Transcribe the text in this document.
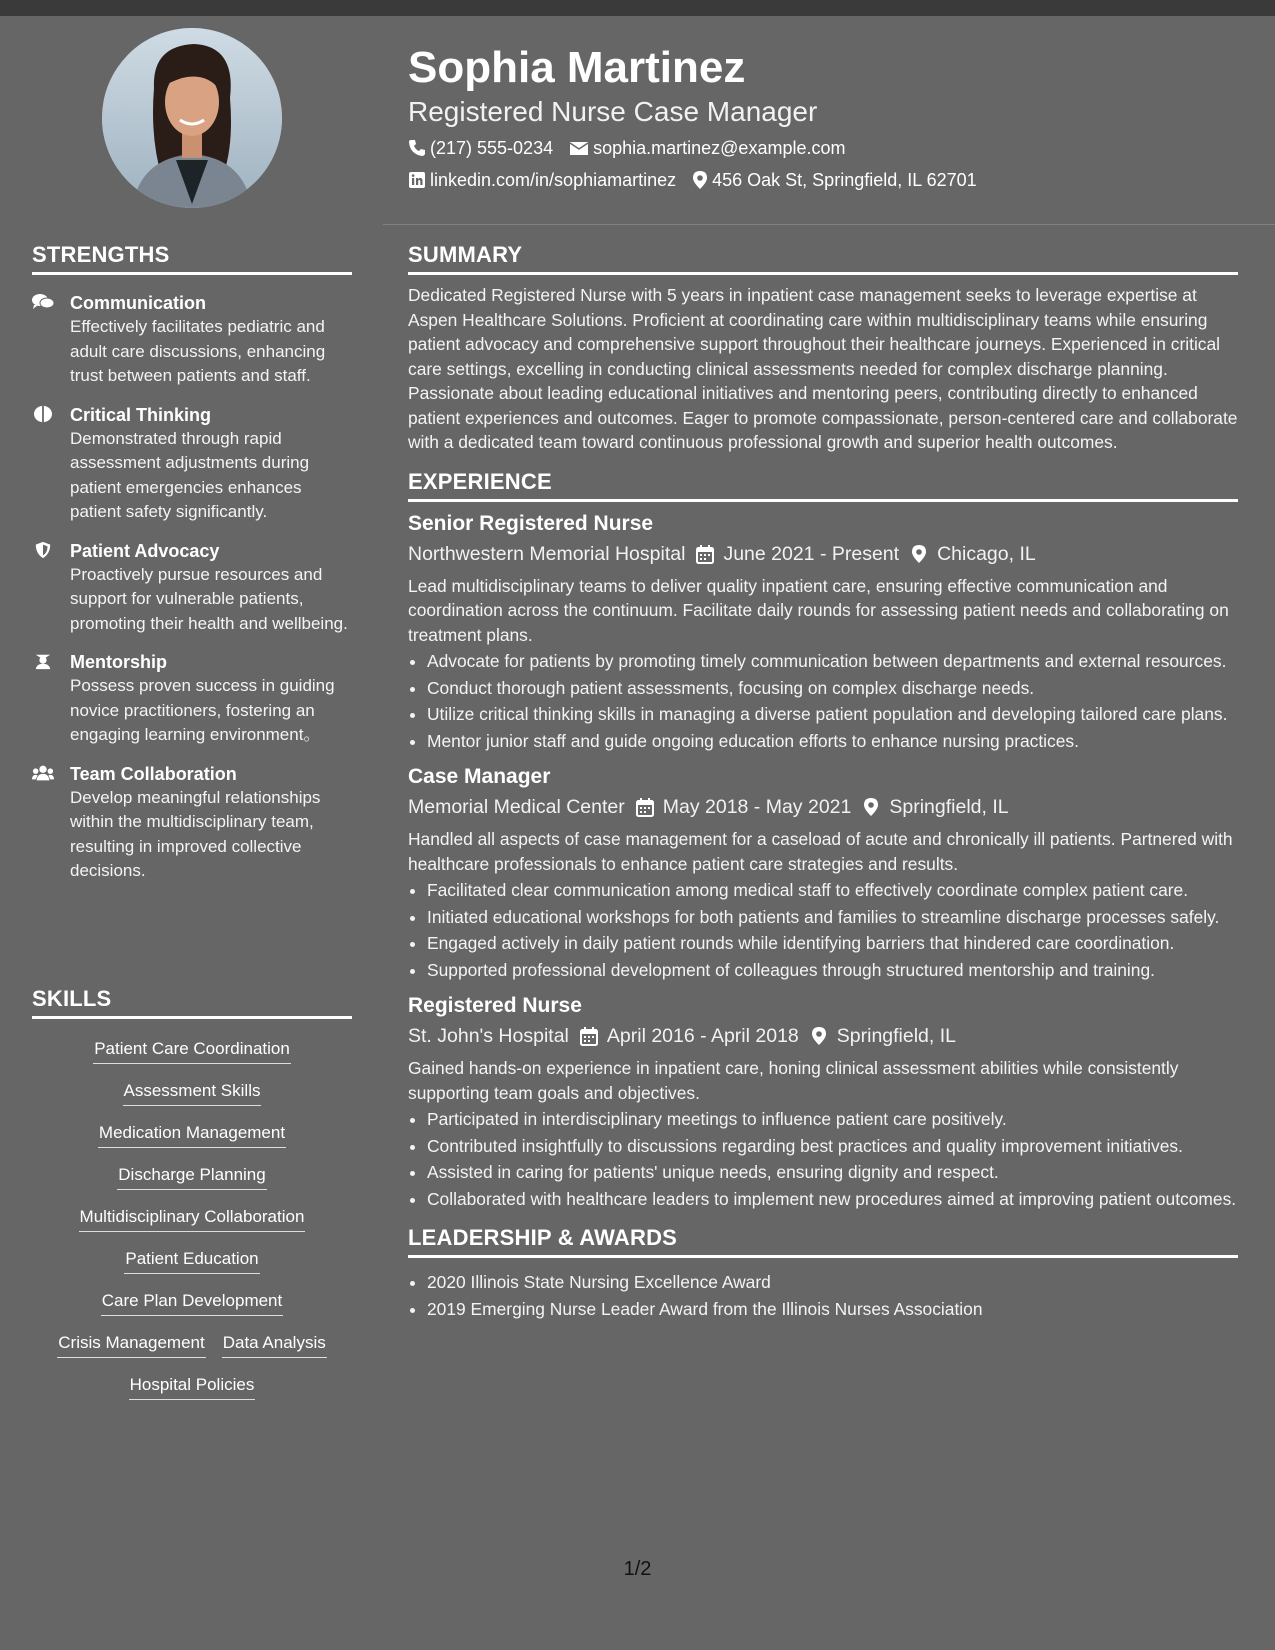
STRENGTHS
Communication
Effectively facilitates pediatric and adult care discussions, enhancing trust between patients and staff.
Critical Thinking
Demonstrated through rapid assessment adjustments during patient emergencies enhances patient safety significantly.
Patient Advocacy
Proactively pursue resources and support for vulnerable patients, promoting their health and wellbeing.
Mentorship
Possess proven success in guiding novice practitioners, fostering an engaging learning environment。
Team Collaboration
Develop meaningful relationships within the multidisciplinary team, resulting in improved collective decisions.
SKILLS
Patient Care Coordination
Assessment Skills
Medication Management
Discharge Planning
Multidisciplinary Collaboration
Patient Education
Care Plan Development
Crisis Management Data Analysis
Hospital Policies
Sophia Martinez
Registered Nurse Case Manager
(217) 555-0234 sophia.martinez@example.com
linkedin.com/in/sophiamartinez 456 Oak St, Springfield, IL 62701
SUMMARY
Dedicated Registered Nurse with 5 years in inpatient case management seeks to leverage expertise at Aspen Healthcare Solutions. Proficient at coordinating care within multidisciplinary teams while ensuring patient advocacy and comprehensive support throughout their healthcare journeys. Experienced in critical care settings, excelling in conducting clinical assessments needed for complex discharge planning. Passionate about leading educational initiatives and mentoring peers, contributing directly to enhanced patient experiences and outcomes. Eager to promote compassionate, person-centered care and collaborate with a dedicated team toward continuous professional growth and superior health outcomes.
EXPERIENCE
Senior Registered Nurse
Northwestern Memorial Hospital June 2021 - Present Chicago, IL
Lead multidisciplinary teams to deliver quality inpatient care, ensuring effective communication and coordination across the continuum. Facilitate daily rounds for assessing patient needs and collaborating on treatment plans.
• Advocate for patients by promoting timely communication between departments and external resources.
• Conduct thorough patient assessments, focusing on complex discharge needs.
• Utilize critical thinking skills in managing a diverse patient population and developing tailored care plans.
• Mentor junior staff and guide ongoing education efforts to enhance nursing practices.
Case Manager
Memorial Medical Center May 2018 - May 2021 Springfield, IL
Handled all aspects of case management for a caseload of acute and chronically ill patients. Partnered with healthcare professionals to enhance patient care strategies and results.
• Facilitated clear communication among medical staff to effectively coordinate complex patient care.
• Initiated educational workshops for both patients and families to streamline discharge processes safely.
• Engaged actively in daily patient rounds while identifying barriers that hindered care coordination.
• Supported professional development of colleagues through structured mentorship and training.
Registered Nurse
St. John's Hospital April 2016 - April 2018 Springfield, IL
Gained hands-on experience in inpatient care, honing clinical assessment abilities while consistently supporting team goals and objectives.
• Participated in interdisciplinary meetings to influence patient care positively.
• Contributed insightfully to discussions regarding best practices and quality improvement initiatives.
• Assisted in caring for patients' unique needs, ensuring dignity and respect.
• Collaborated with healthcare leaders to implement new procedures aimed at improving patient outcomes.
LEADERSHIP & AWARDS
• 2020 Illinois State Nursing Excellence Award
• 2019 Emerging Nurse Leader Award from the Illinois Nurses Association
1/2
